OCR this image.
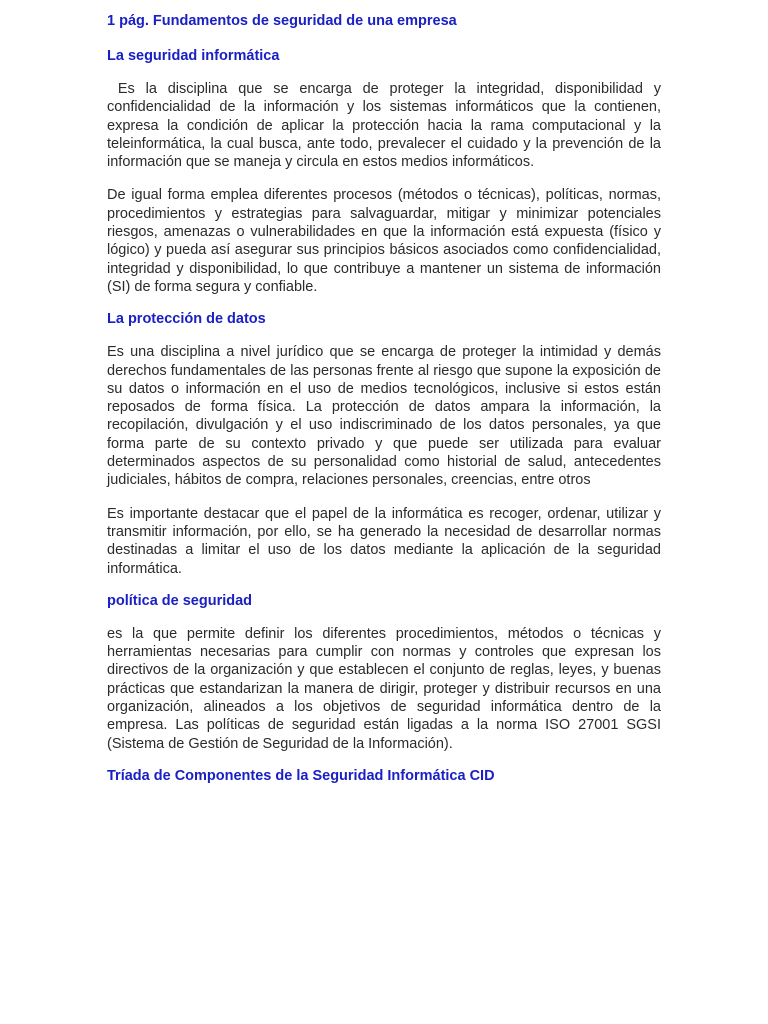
1 pág. Fundamentos de seguridad de una empresa
La seguridad informática

Es la disciplina que se encarga de proteger la integridad, disponibilidad y confidencialidad de la información y los sistemas informáticos que la contienen, expresa la condición de aplicar la protección hacia la rama computacional y la teleinformática, la cual busca, ante todo, prevalecer el cuidado y la prevención de la información que se maneja y circula en estos medios informáticos.

De igual forma emplea diferentes procesos (métodos o técnicas), políticas, normas, procedimientos y estrategias para salvaguardar, mitigar y minimizar potenciales riesgos, amenazas o vulnerabilidades en que la información está expuesta (físico y lógico) y pueda así asegurar sus principios básicos asociados como confidencialidad, integridad y disponibilidad, lo que contribuye a mantener un sistema de información (SI) de forma segura y confiable.

La protección de datos

Es una disciplina a nivel jurídico que se encarga de proteger la intimidad y demás derechos fundamentales de las personas frente al riesgo que supone la exposición de su datos o información en el uso de medios tecnológicos, inclusive si estos están reposados de forma física. La protección de datos ampara la información, la recopilación, divulgación y el uso indiscriminado de los datos personales, ya que forma parte de su contexto privado y que puede ser utilizada para evaluar determinados aspectos de su personalidad como historial de salud, antecedentes judiciales, hábitos de compra, relaciones personales, creencias, entre otros

Es importante destacar que el papel de la informática es recoger, ordenar, utilizar y transmitir información, por ello, se ha generado la necesidad de desarrollar normas destinadas a limitar el uso de los datos mediante la aplicación de la seguridad informática.

política de seguridad

es la que permite definir los diferentes procedimientos, métodos o técnicas y herramientas necesarias para cumplir con normas y controles que expresan los directivos de la organización y que establecen el conjunto de reglas, leyes, y buenas prácticas que estandarizan la manera de dirigir, proteger y distribuir recursos en una organización, alineados a los objetivos de seguridad informática dentro de la empresa. Las políticas de seguridad están ligadas a la norma ISO 27001 SGSI (Sistema de Gestión de Seguridad de la Información).

Tríada de Componentes de la Seguridad Informática CID
